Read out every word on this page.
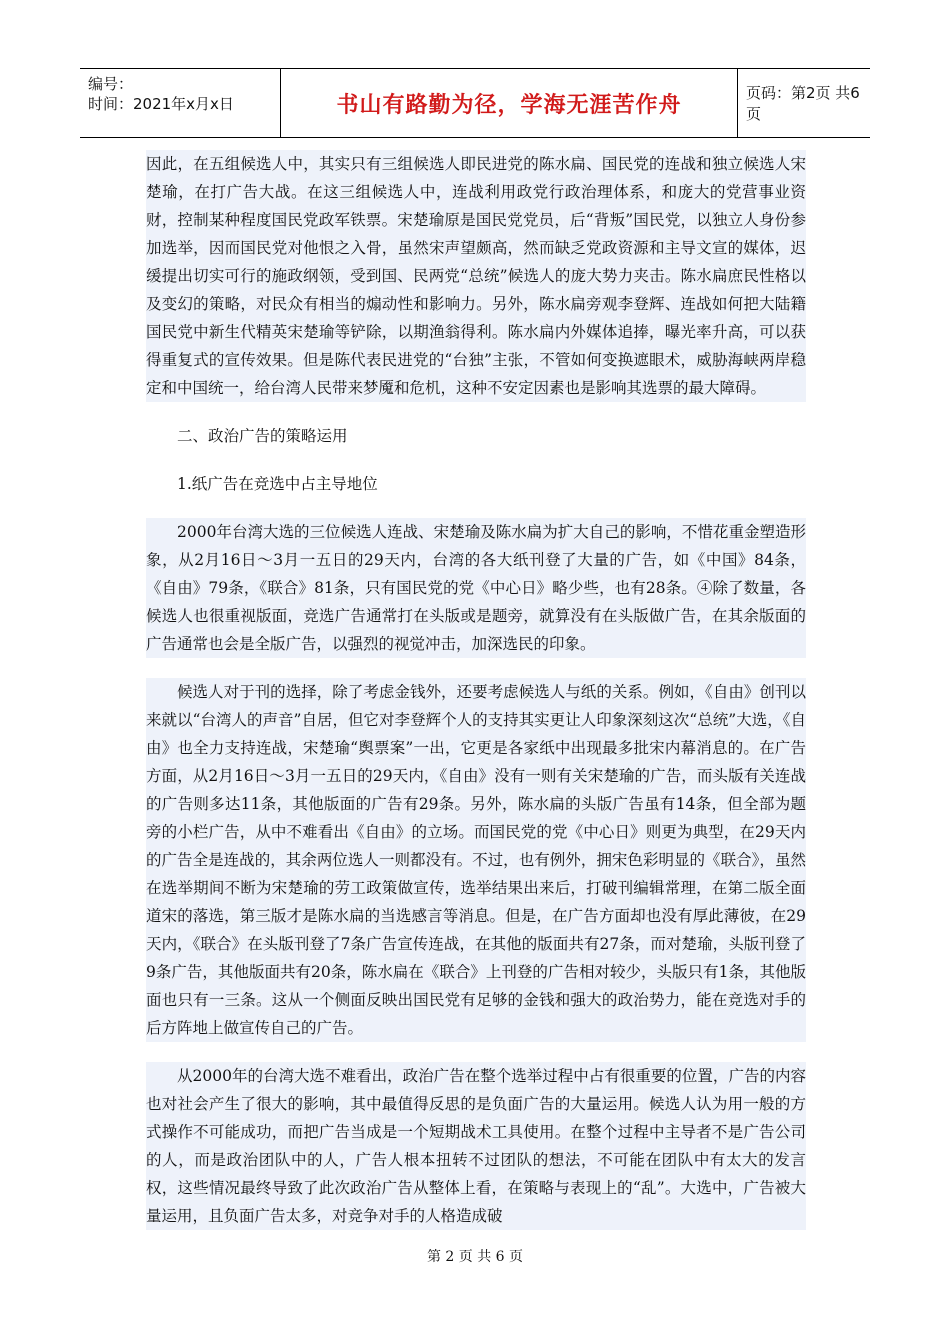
编号：
时间：2021年x月x日	书山有路勤为径，学海无涯苦作舟	页码：第2页 共6页

因此，在五组候选人中，其实只有三组候选人即民进党的陈水扁、国民党的连战和独立候选人宋楚瑜，在打广告大战。在这三组候选人中，连战利用政党行政治理体系，和庞大的党营事业资财，控制某种程度国民党政军铁票。宋楚瑜原是国民党党员，后“背叛”国民党，以独立人身份参加选举，因而国民党对他恨之入骨，虽然宋声望颇高，然而缺乏党政资源和主导文宣的媒体，迟缓提出切实可行的施政纲领，受到国、民两党“总统”候选人的庞大势力夹击。陈水扁庶民性格以及变幻的策略，对民众有相当的煽动性和影响力。另外，陈水扁旁观李登辉、连战如何把大陆籍国民党中新生代精英宋楚瑜等铲除，以期渔翁得利。陈水扁内外媒体追捧，曝光率升高，可以获得重复式的宣传效果。但是陈代表民进党的“台独”主张，不管如何变换遮眼术，威胁海峡两岸稳定和中国统一，给台湾人民带来梦魇和危机，这种不安定因素也是影响其选票的最大障碍。

二、政治广告的策略运用

1.纸广告在竞选中占主导地位

2000年台湾大选的三位候选人连战、宋楚瑜及陈水扁为扩大自己的影响，不惜花重金塑造形象，从2月16日～3月一五日的29天内，台湾的各大纸刊登了大量的广告，如《中国》84条，《自由》79条，《联合》81条，只有国民党的党《中心日》略少些，也有28条。④除了数量，各候选人也很重视版面，竞选广告通常打在头版或是题旁，就算没有在头版做广告，在其余版面的广告通常也会是全版广告，以强烈的视觉冲击，加深选民的印象。

候选人对于刊的选择，除了考虑金钱外，还要考虑候选人与纸的关系。例如，《自由》创刊以来就以“台湾人的声音”自居，但它对李登辉个人的支持其实更让人印象深刻这次“总统”大选，《自由》也全力支持连战，宋楚瑜“舆票案”一出，它更是各家纸中出现最多批宋内幕消息的。在广告方面，从2月16日～3月一五日的29天内，《自由》没有一则有关宋楚瑜的广告，而头版有关连战的广告则多达11条，其他版面的广告有29条。另外，陈水扁的头版广告虽有14条，但全部为题旁的小栏广告，从中不难看出《自由》的立场。而国民党的党《中心日》则更为典型，在29天内的广告全是连战的，其余两位选人一则都没有。不过，也有例外，拥宋色彩明显的《联合》，虽然在选举期间不断为宋楚瑜的劳工政策做宣传，选举结果出来后，打破刊编辑常理，在第二版全面道宋的落选，第三版才是陈水扁的当选感言等消息。但是，在广告方面却也没有厚此薄彼，在29天内，《联合》在头版刊登了7条广告宣传连战，在其他的版面共有27条，而对楚瑜，头版刊登了9条广告，其他版面共有20条，陈水扁在《联合》上刊登的广告相对较少，头版只有1条，其他版面也只有一三条。这从一个侧面反映出国民党有足够的金钱和强大的政治势力，能在竞选对手的后方阵地上做宣传自己的广告。

从2000年的台湾大选不难看出，政治广告在整个选举过程中占有很重要的位置，广告的内容也对社会产生了很大的影响，其中最值得反思的是负面广告的大量运用。候选人认为用一般的方式操作不可能成功，而把广告当成是一个短期战术工具使用。在整个过程中主导者不是广告公司的人，而是政治团队中的人，广告人根本扭转不过团队的想法，不可能在团队中有太大的发言权，这些情况最终导致了此次政治广告从整体上看，在策略与表现上的“乱”。大选中，广告被大量运用，且负面广告太多，对竞争对手的人格造成破

第 2 页 共 6 页
